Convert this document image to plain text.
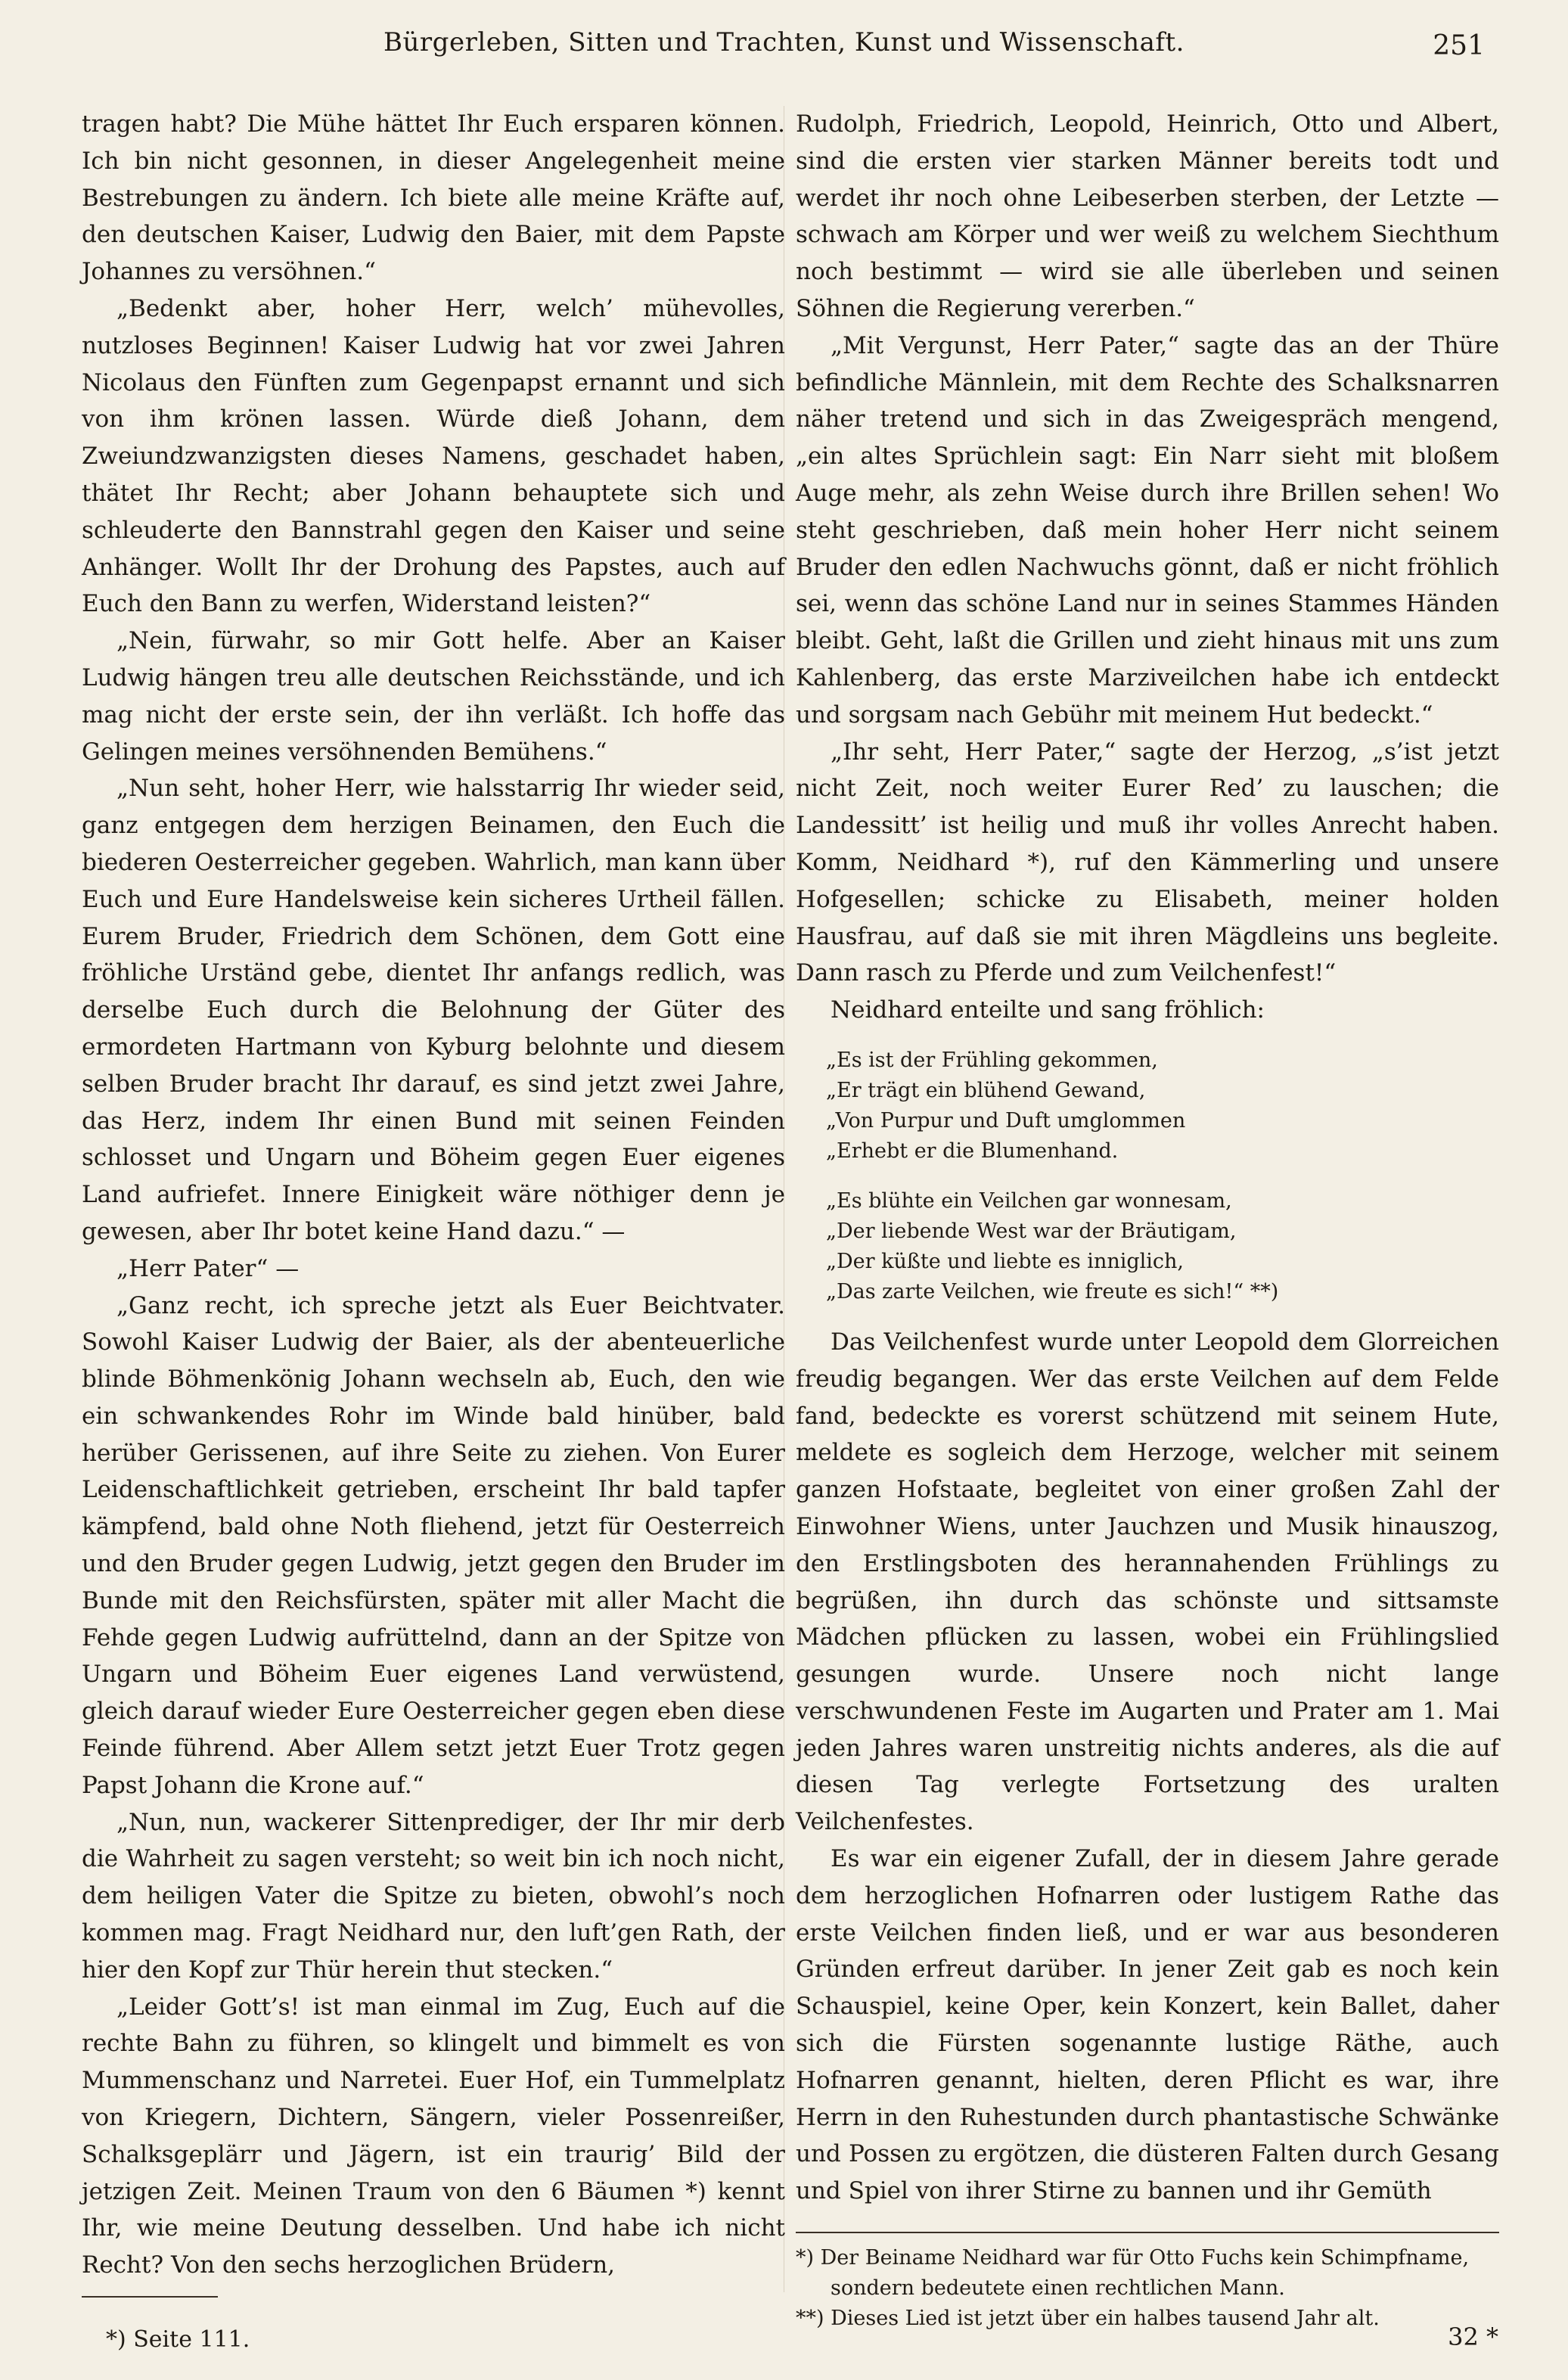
Bürgerleben, Sitten und Trachten, Kunst und Wissenschaft.	251

tragen habt? Die Mühe hättet Ihr Euch ersparen können. Ich bin nicht gesonnen, in dieser Angelegenheit meine Bestrebungen zu ändern. Ich biete alle meine Kräfte auf, den deutschen Kaiser, Ludwig den Baier, mit dem Papste Johannes zu versöhnen.“

„Bedenkt aber, hoher Herr, welch’ mühevolles, nutzloses Beginnen! Kaiser Ludwig hat vor zwei Jahren Nicolaus den Fünften zum Gegenpapst ernannt und sich von ihm krönen lassen. Würde dieß Johann, dem Zweiundzwanzigsten dieses Namens, geschadet haben, thätet Ihr Recht; aber Johann behauptete sich und schleuderte den Bannstrahl gegen den Kaiser und seine Anhänger. Wollt Ihr der Drohung des Papstes, auch auf Euch den Bann zu werfen, Widerstand leisten?“

„Nein, fürwahr, so mir Gott helfe. Aber an Kaiser Ludwig hängen treu alle deutschen Reichsstände, und ich mag nicht der erste sein, der ihn verläßt. Ich hoffe das Gelingen meines versöhnenden Bemühens.“

„Nun seht, hoher Herr, wie halsstarrig Ihr wieder seid, ganz entgegen dem herzigen Beinamen, den Euch die biederen Oesterreicher gegeben. Wahrlich, man kann über Euch und Eure Handelsweise kein sicheres Urtheil fällen. Eurem Bruder, Friedrich dem Schönen, dem Gott eine fröhliche Urständ gebe, dientet Ihr anfangs redlich, was derselbe Euch durch die Belohnung der Güter des ermordeten Hartmann von Kyburg belohnte und diesem selben Bruder bracht Ihr darauf, es sind jetzt zwei Jahre, das Herz, indem Ihr einen Bund mit seinen Feinden schlosset und Ungarn und Böheim gegen Euer eigenes Land aufriefet. Innere Einigkeit wäre nöthiger denn je gewesen, aber Ihr botet keine Hand dazu.“ —

„Herr Pater“ —

„Ganz recht, ich spreche jetzt als Euer Beichtvater. Sowohl Kaiser Ludwig der Baier, als der abenteuerliche blinde Böhmenkönig Johann wechseln ab, Euch, den wie ein schwankendes Rohr im Winde bald hinüber, bald herüber Gerissenen, auf ihre Seite zu ziehen. Von Eurer Leidenschaftlichkeit getrieben, erscheint Ihr bald tapfer kämpfend, bald ohne Noth fliehend, jetzt für Oesterreich und den Bruder gegen Ludwig, jetzt gegen den Bruder im Bunde mit den Reichsfürsten, später mit aller Macht die Fehde gegen Ludwig aufrüttelnd, dann an der Spitze von Ungarn und Böheim Euer eigenes Land verwüstend, gleich darauf wieder Eure Oesterreicher gegen eben diese Feinde führend. Aber Allem setzt jetzt Euer Trotz gegen Papst Johann die Krone auf.“

„Nun, nun, wackerer Sittenprediger, der Ihr mir derb die Wahrheit zu sagen versteht; so weit bin ich noch nicht, dem heiligen Vater die Spitze zu bieten, obwohl’s noch kommen mag. Fragt Neidhard nur, den luft’gen Rath, der hier den Kopf zur Thür herein thut stecken.“

„Leider Gott’s! ist man einmal im Zug, Euch auf die rechte Bahn zu führen, so klingelt und bimmelt es von Mummenschanz und Narretei. Euer Hof, ein Tummelplatz von Kriegern, Dichtern, Sängern, vieler Possenreißer, Schalksgeplärr und Jägern, ist ein traurig’ Bild der jetzigen Zeit. Meinen Traum von den 6 Bäumen *) kennt Ihr, wie meine Deutung desselben. Und habe ich nicht Recht? Von den sechs herzoglichen Brüdern,

Rudolph, Friedrich, Leopold, Heinrich, Otto und Albert, sind die ersten vier starken Männer bereits todt und werdet ihr noch ohne Leibeserben sterben, der Letzte — schwach am Körper und wer weiß zu welchem Siechthum noch bestimmt — wird sie alle überleben und seinen Söhnen die Regierung vererben.“

„Mit Vergunst, Herr Pater,“ sagte das an der Thüre befindliche Männlein, mit dem Rechte des Schalksnarren näher tretend und sich in das Zweigespräch mengend, „ein altes Sprüchlein sagt: Ein Narr sieht mit bloßem Auge mehr, als zehn Weise durch ihre Brillen sehen! Wo steht geschrieben, daß mein hoher Herr nicht seinem Bruder den edlen Nachwuchs gönnt, daß er nicht fröhlich sei, wenn das schöne Land nur in seines Stammes Händen bleibt. Geht, laßt die Grillen und zieht hinaus mit uns zum Kahlenberg, das erste Marziveilchen habe ich entdeckt und sorgsam nach Gebühr mit meinem Hut bedeckt.“

„Ihr seht, Herr Pater,“ sagte der Herzog, „s’ist jetzt nicht Zeit, noch weiter Eurer Red’ zu lauschen; die Landessitt’ ist heilig und muß ihr volles Anrecht haben. Komm, Neidhard *), ruf den Kämmerling und unsere Hofgesellen; schicke zu Elisabeth, meiner holden Hausfrau, auf daß sie mit ihren Mägdleins uns begleite. Dann rasch zu Pferde und zum Veilchenfest!“

Neidhard enteilte und sang fröhlich:

„Es ist der Frühling gekommen,
„Er trägt ein blühend Gewand,
„Von Purpur und Duft umglommen
„Erhebt er die Blumenhand.
„Es blühte ein Veilchen gar wonnesam,
„Der liebende West war der Bräutigam,
„Der küßte und liebte es inniglich,
„Das zarte Veilchen, wie freute es sich!“ **)

Das Veilchenfest wurde unter Leopold dem Glorreichen freudig begangen. Wer das erste Veilchen auf dem Felde fand, bedeckte es vorerst schützend mit seinem Hute, meldete es sogleich dem Herzoge, welcher mit seinem ganzen Hofstaate, begleitet von einer großen Zahl der Einwohner Wiens, unter Jauchzen und Musik hinauszog, den Erstlingsboten des herannahenden Frühlings zu begrüßen, ihn durch das schönste und sittsamste Mädchen pflücken zu lassen, wobei ein Frühlingslied gesungen wurde. Unsere noch nicht lange verschwundenen Feste im Augarten und Prater am 1. Mai jeden Jahres waren unstreitig nichts anderes, als die auf diesen Tag verlegte Fortsetzung des uralten Veilchenfestes.

Es war ein eigener Zufall, der in diesem Jahre gerade dem herzoglichen Hofnarren oder lustigem Rathe das erste Veilchen finden ließ, und er war aus besonderen Gründen erfreut darüber. In jener Zeit gab es noch kein Schauspiel, keine Oper, kein Konzert, kein Ballet, daher sich die Fürsten sogenannte lustige Räthe, auch Hofnarren genannt, hielten, deren Pflicht es war, ihre Herrn in den Ruhestunden durch phantastische Schwänke und Possen zu ergötzen, die düsteren Falten durch Gesang und Spiel von ihrer Stirne zu bannen und ihr Gemüth

*) Seite 111.

*) Der Beiname Neidhard war für Otto Fuchs kein Schimpfname, sondern bedeutete einen rechtlichen Mann.

**) Dieses Lied ist jetzt über ein halbes tausend Jahr alt.

32 *
